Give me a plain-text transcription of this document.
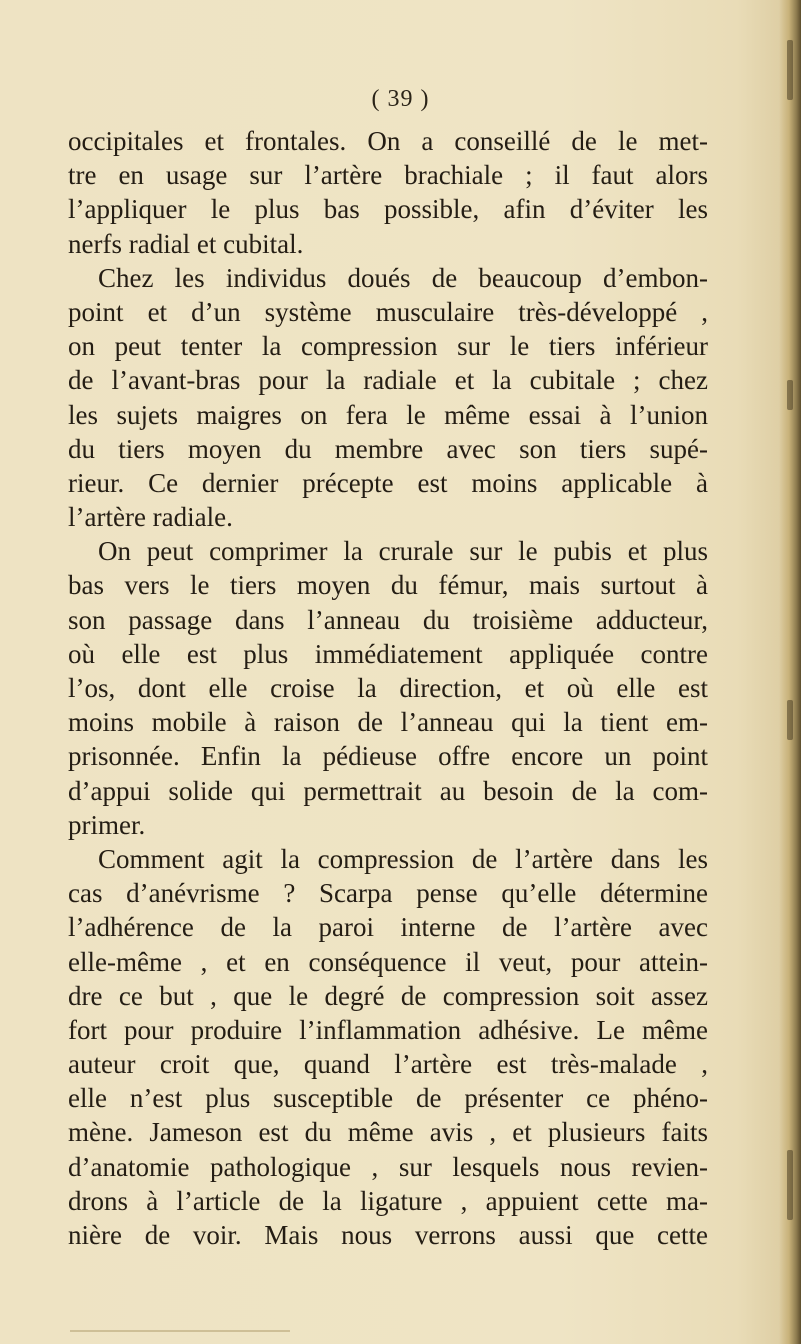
( 39 )
occipitales et frontales. On a conseillé de le met-
tre en usage sur l’artère brachiale ; il faut alors
l’appliquer le plus bas possible, afin d’éviter les
nerfs radial et cubital.
Chez les individus doués de beaucoup d’embon-
point et d’un système musculaire très-développé ,
on peut tenter la compression sur le tiers inférieur
de l’avant-bras pour la radiale et la cubitale ; chez
les sujets maigres on fera le même essai à l’union
du tiers moyen du membre avec son tiers supé-
rieur. Ce dernier précepte est moins applicable à
l’artère radiale.
On peut comprimer la crurale sur le pubis et plus
bas vers le tiers moyen du fémur, mais surtout à
son passage dans l’anneau du troisième adducteur,
où elle est plus immédiatement appliquée contre
l’os, dont elle croise la direction, et où elle est
moins mobile à raison de l’anneau qui la tient em-
prisonnée. Enfin la pédieuse offre encore un point
d’appui solide qui permettrait au besoin de la com-
primer.
Comment agit la compression de l’artère dans les
cas d’anévrisme ? Scarpa pense qu’elle détermine
l’adhérence de la paroi interne de l’artère avec
elle-même , et en conséquence il veut, pour attein-
dre ce but , que le degré de compression soit assez
fort pour produire l’inflammation adhésive. Le même
auteur croit que, quand l’artère est très-malade ,
elle n’est plus susceptible de présenter ce phéno-
mène. Jameson est du même avis , et plusieurs faits
d’anatomie pathologique , sur lesquels nous revien-
drons à l’article de la ligature , appuient cette ma-
nière de voir. Mais nous verrons aussi que cette
